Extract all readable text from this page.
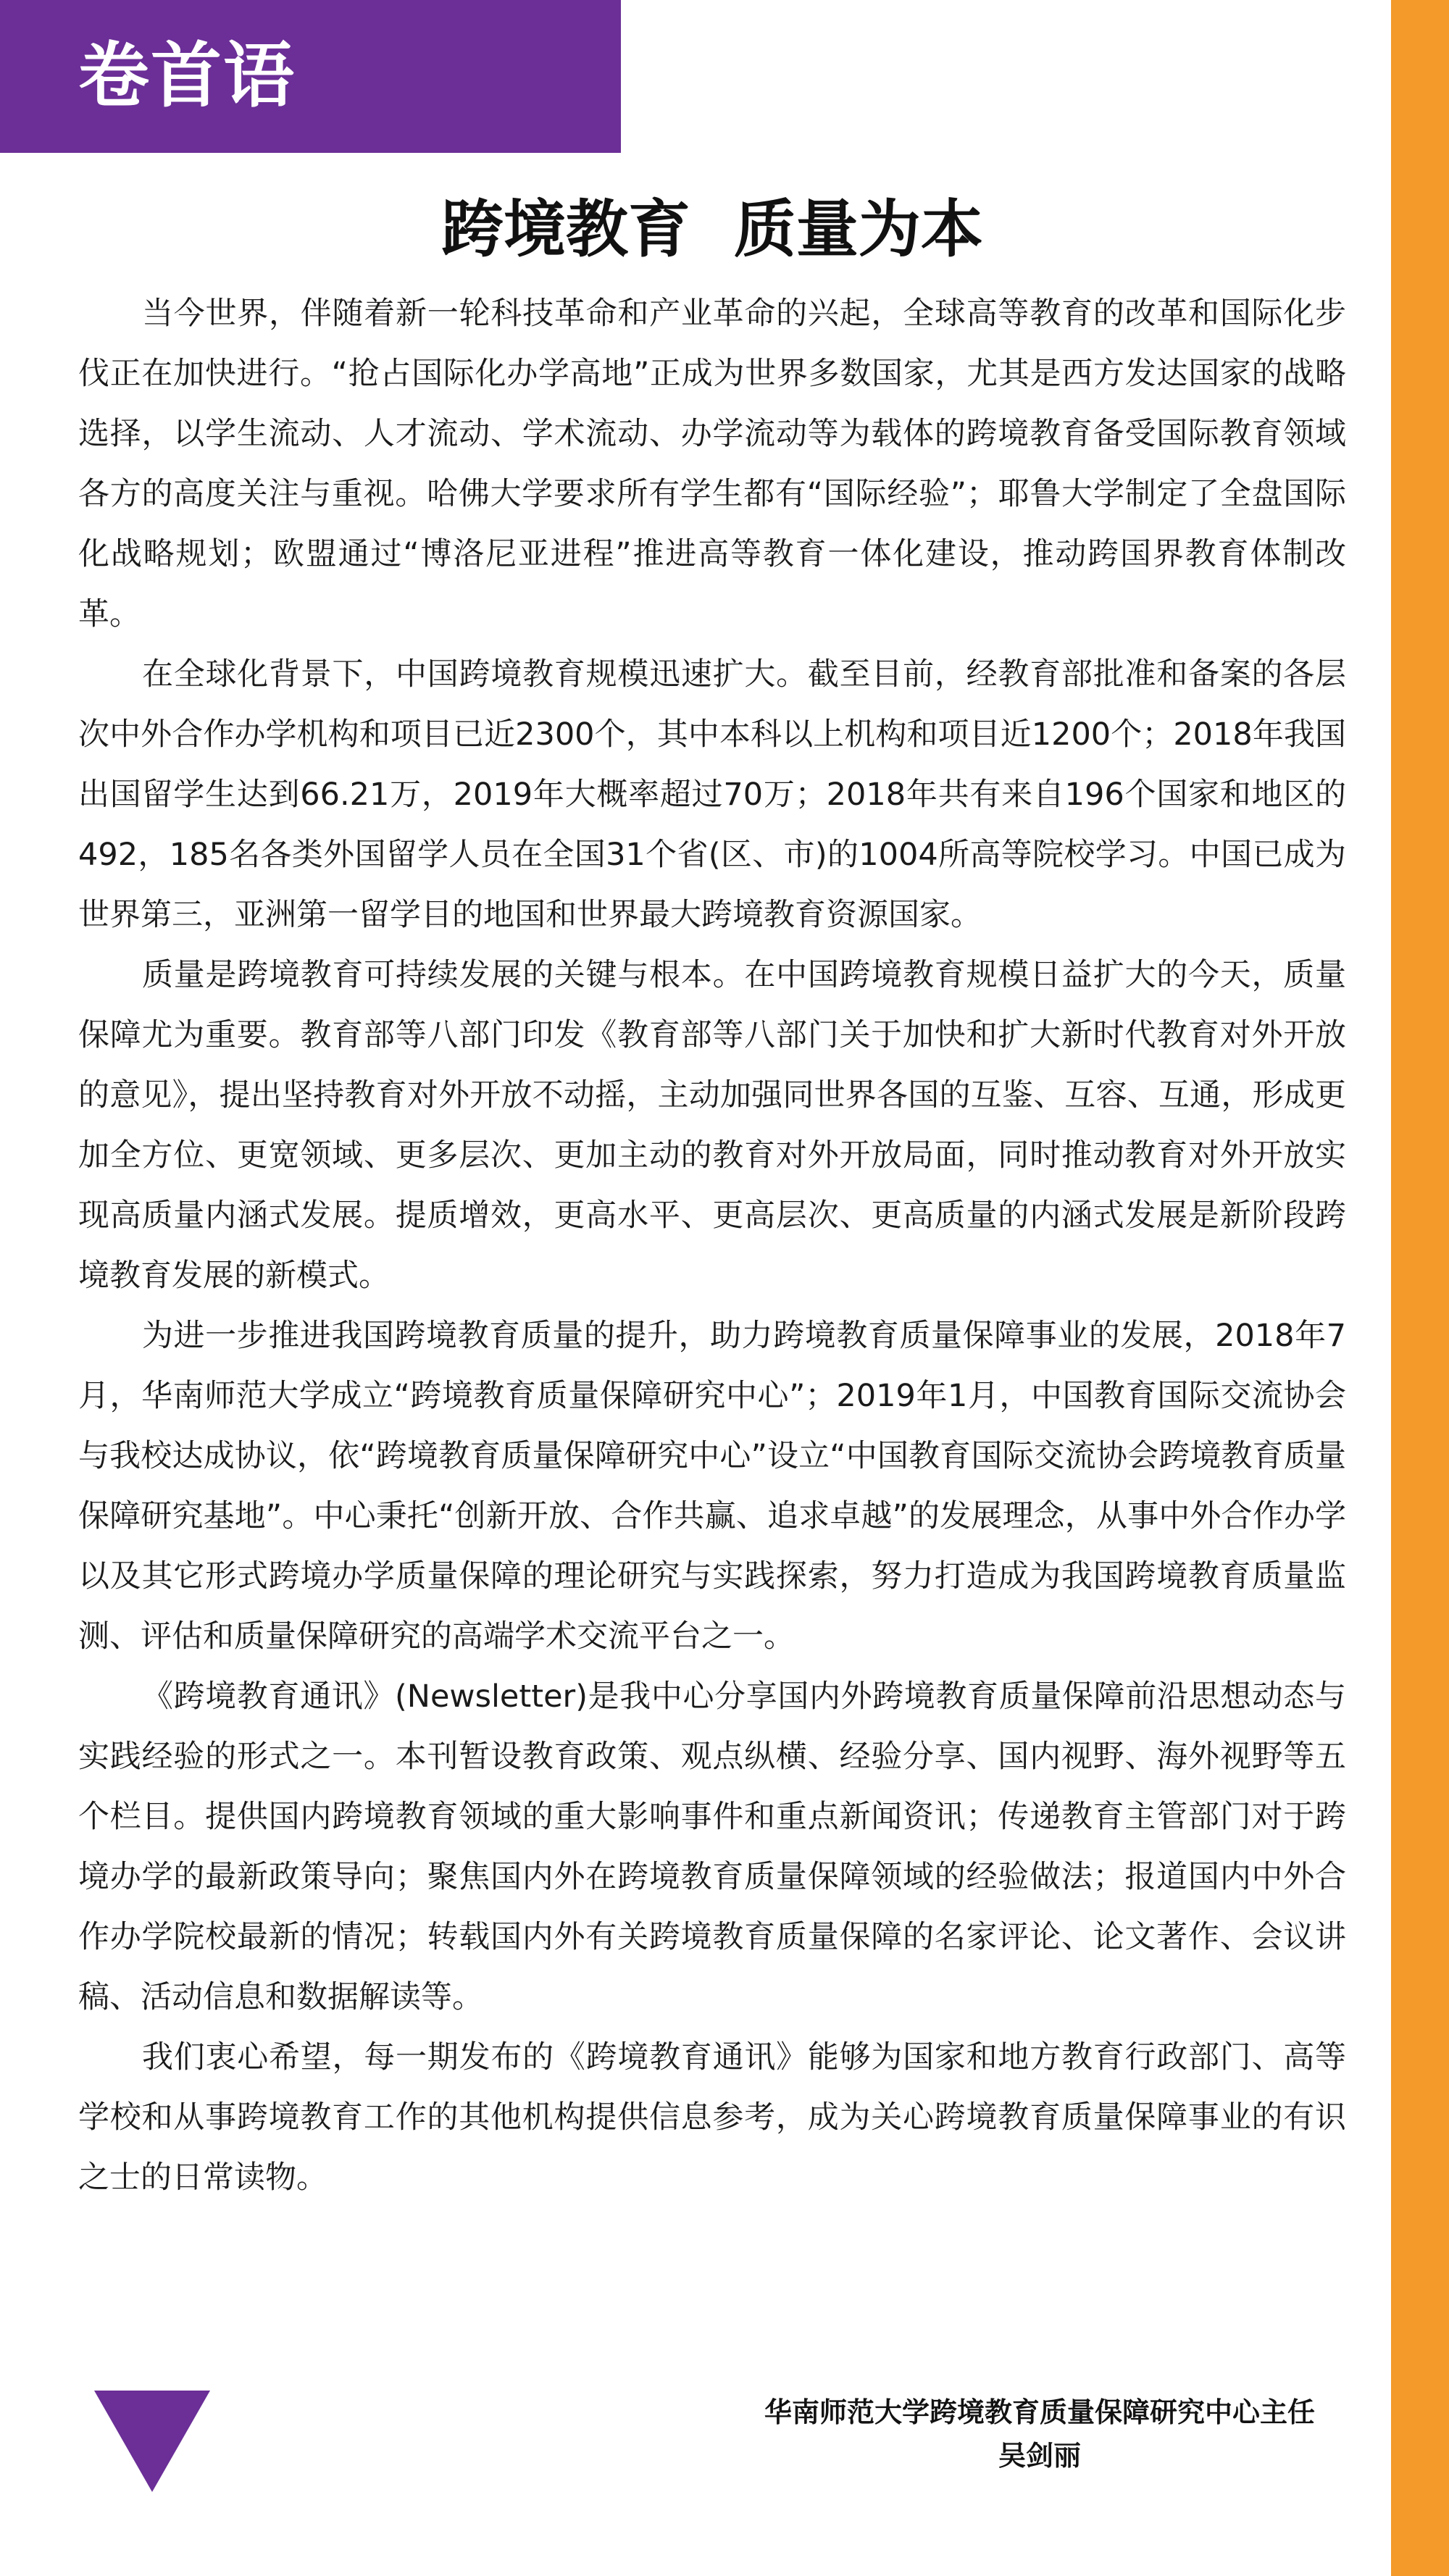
卷首语
跨境教育  质量为本

当今世界，伴随着新一轮科技革命和产业革命的兴起，全球高等教育的改革和国际化步伐正在加快进行。“抢占国际化办学高地”正成为世界多数国家，尤其是西方发达国家的战略选择，以学生流动、人才流动、学术流动、办学流动等为载体的跨境教育备受国际教育领域各方的高度关注与重视。哈佛大学要求所有学生都有“国际经验”；耶鲁大学制定了全盘国际化战略规划；欧盟通过“博洛尼亚进程”推进高等教育一体化建设，推动跨国界教育体制改革。

在全球化背景下，中国跨境教育规模迅速扩大。截至目前，经教育部批准和备案的各层次中外合作办学机构和项目已近2300个，其中本科以上机构和项目近1200个；2018年我国出国留学生达到66.21万，2019年大概率超过70万；2018年共有来自196个国家和地区的492，185名各类外国留学人员在全国31个省(区、市)的1004所高等院校学习。中国已成为世界第三，亚洲第一留学目的地国和世界最大跨境教育资源国家。

质量是跨境教育可持续发展的关键与根本。在中国跨境教育规模日益扩大的今天，质量保障尤为重要。教育部等八部门印发《教育部等八部门关于加快和扩大新时代教育对外开放的意见》，提出坚持教育对外开放不动摇，主动加强同世界各国的互鉴、互容、互通，形成更加全方位、更宽领域、更多层次、更加主动的教育对外开放局面，同时推动教育对外开放实现高质量内涵式发展。提质增效，更高水平、更高层次、更高质量的内涵式发展是新阶段跨境教育发展的新模式。

为进一步推进我国跨境教育质量的提升，助力跨境教育质量保障事业的发展，2018年7月，华南师范大学成立“跨境教育质量保障研究中心”；2019年1月，中国教育国际交流协会与我校达成协议，依“跨境教育质量保障研究中心”设立“中国教育国际交流协会跨境教育质量保障研究基地”。中心秉托“创新开放、合作共赢、追求卓越”的发展理念，从事中外合作办学以及其它形式跨境办学质量保障的理论研究与实践探索，努力打造成为我国跨境教育质量监测、评估和质量保障研究的高端学术交流平台之一。

《跨境教育通讯》(Newsletter)是我中心分享国内外跨境教育质量保障前沿思想动态与实践经验的形式之一。本刊暂设教育政策、观点纵横、经验分享、国内视野、海外视野等五个栏目。提供国内跨境教育领域的重大影响事件和重点新闻资讯；传递教育主管部门对于跨境办学的最新政策导向；聚焦国内外在跨境教育质量保障领域的经验做法；报道国内中外合作办学院校最新的情况；转载国内外有关跨境教育质量保障的名家评论、论文著作、会议讲稿、活动信息和数据解读等。

我们衷心希望，每一期发布的《跨境教育通讯》能够为国家和地方教育行政部门、高等学校和从事跨境教育工作的其他机构提供信息参考，成为关心跨境教育质量保障事业的有识之士的日常读物。

华南师范大学跨境教育质量保障研究中心主任
吴剑丽
